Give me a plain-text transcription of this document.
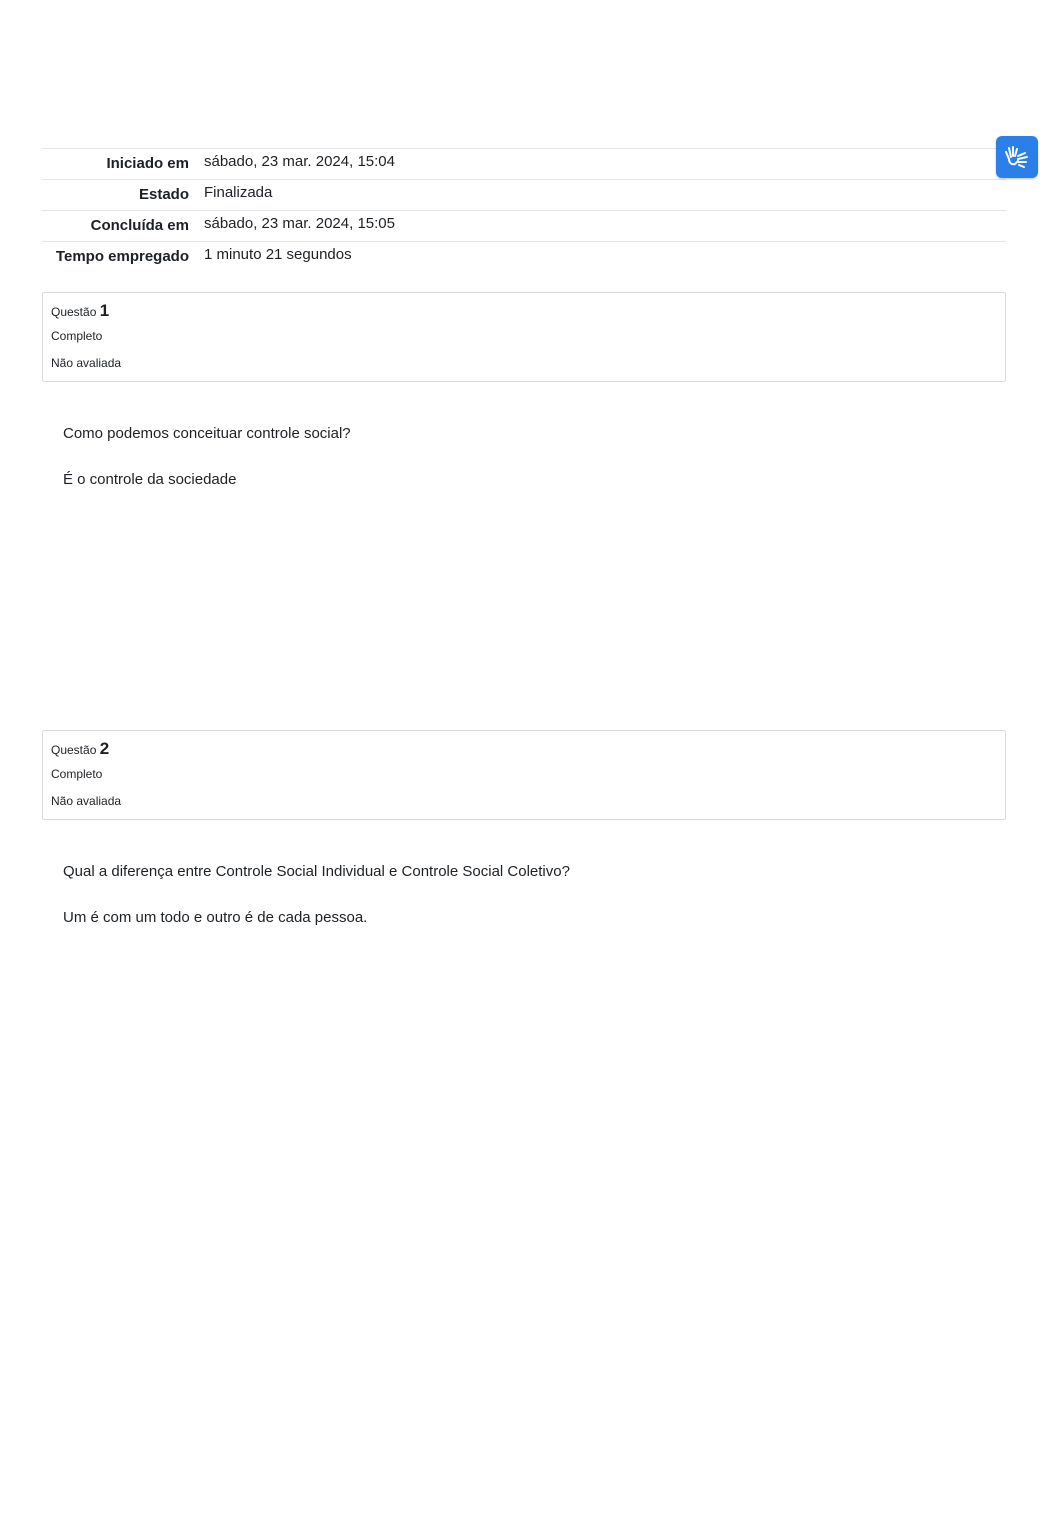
Iniciado em	sábado, 23 mar. 2024, 15:04
Estado	Finalizada
Concluída em	sábado, 23 mar. 2024, 15:05
Tempo empregado	1 minuto 21 segundos
Questão 1
Completo
Não avaliada
Como podemos conceituar controle social?
É o controle da sociedade
Questão 2
Completo
Não avaliada
Qual a diferença entre Controle Social Individual e Controle Social Coletivo?
Um é com um todo e outro é de cada pessoa.
